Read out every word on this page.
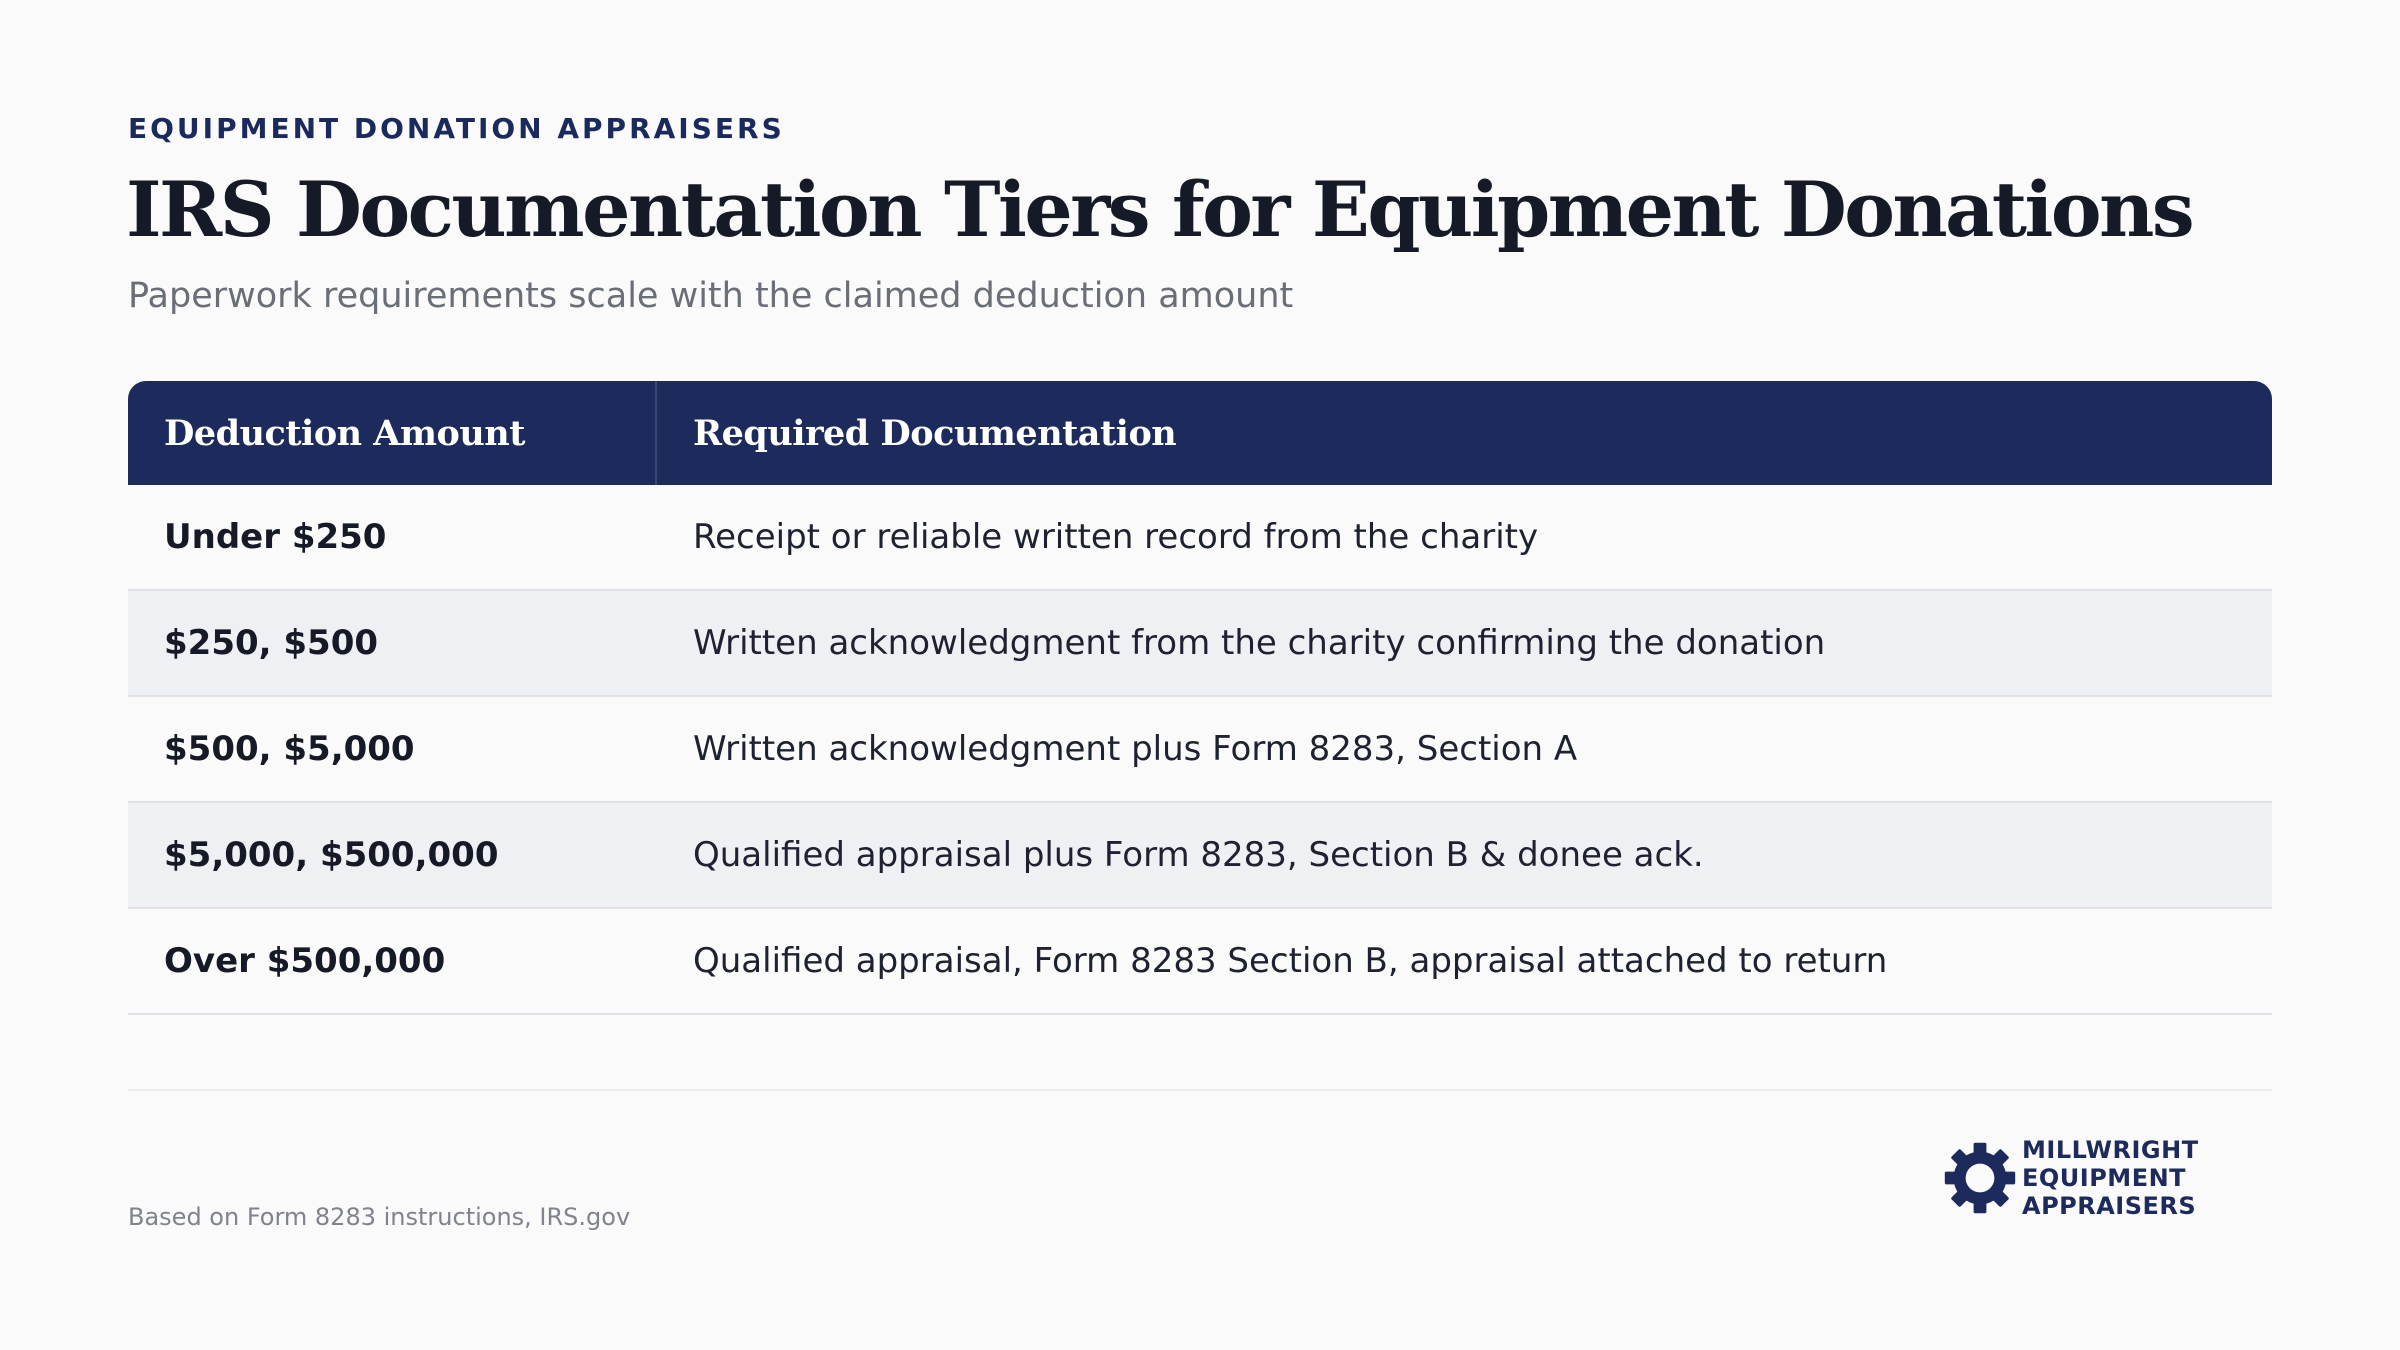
EQUIPMENT DONATION APPRAISERS
IRS Documentation Tiers for Equipment Donations
Paperwork requirements scale with the claimed deduction amount
Deduction Amount	Required Documentation
Under $250	Receipt or reliable written record from the charity
$250, $500	Written acknowledgment from the charity confirming the donation
$500, $5,000	Written acknowledgment plus Form 8283, Section A
$5,000, $500,000	Qualified appraisal plus Form 8283, Section B & donee ack.
Over $500,000	Qualified appraisal, Form 8283 Section B, appraisal attached to return
Based on Form 8283 instructions, IRS.gov
MILLWRIGHT
EQUIPMENT
APPRAISERS
